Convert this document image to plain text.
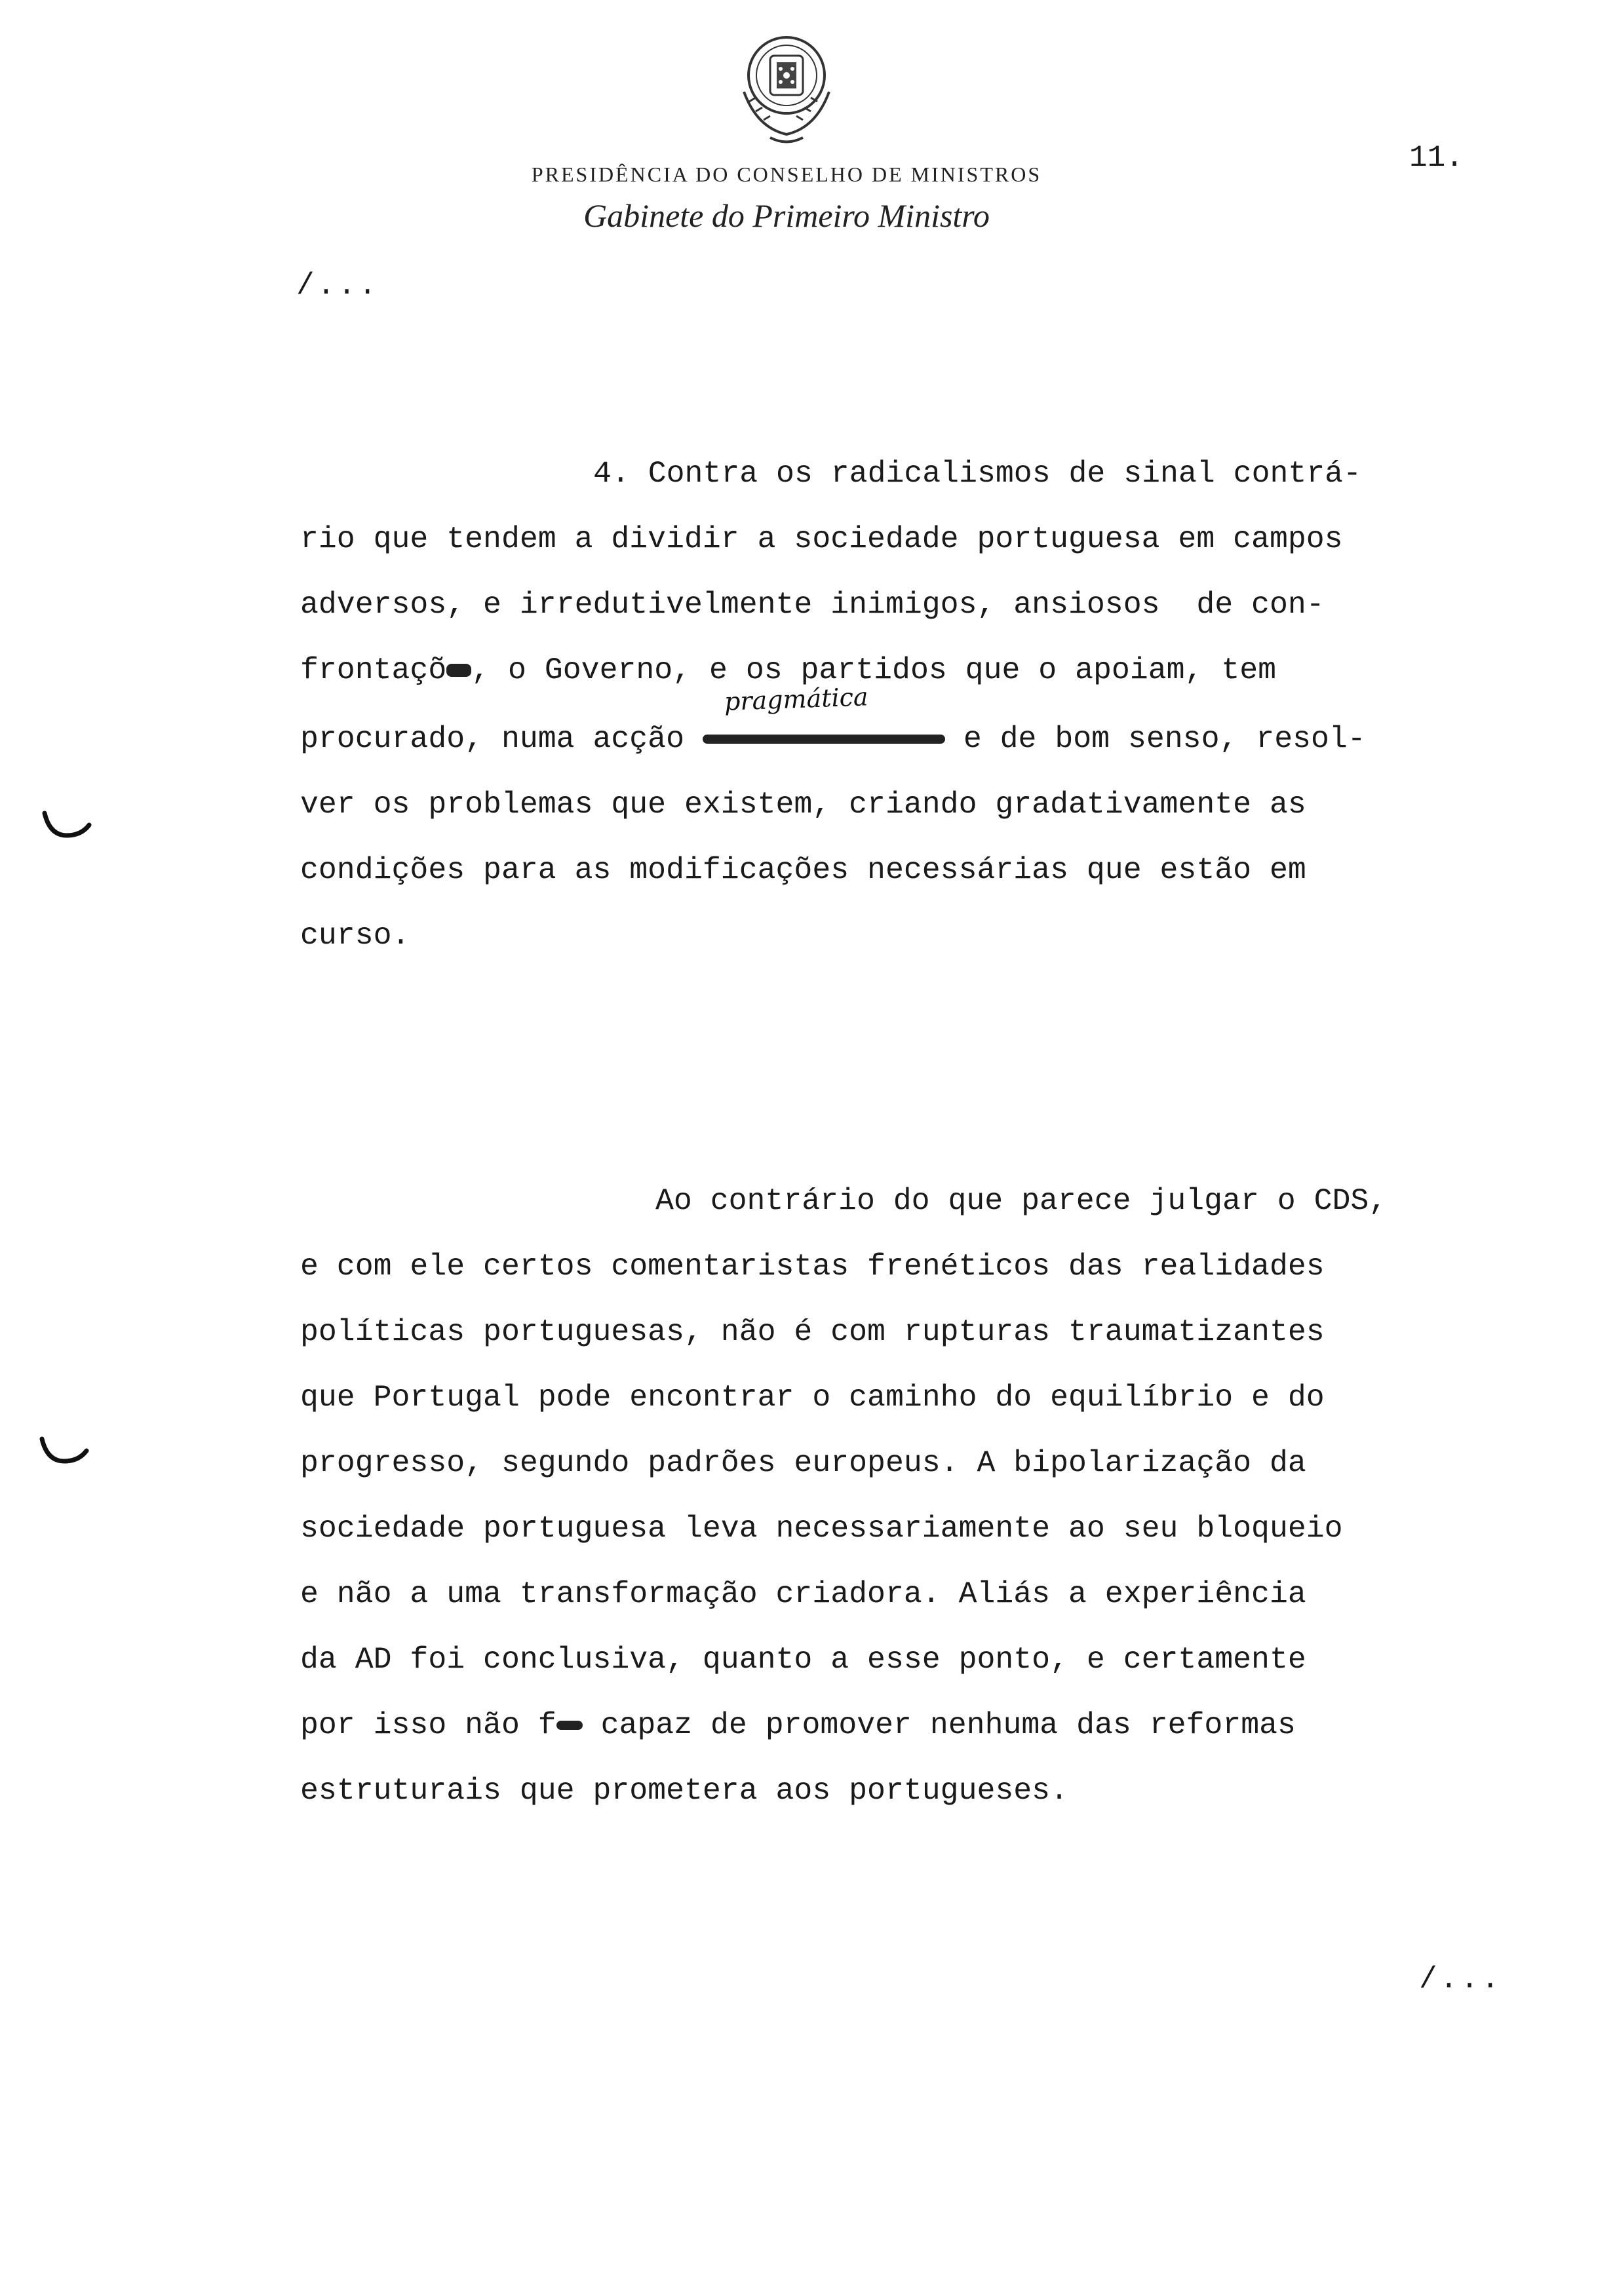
PRESIDÊNCIA DO CONSELHO DE MINISTROS
Gabinete do Primeiro Ministro
11.
/...
4. Contra os radicalismos de sinal contrá-
rio que tendem a dividir a sociedade portuguesa em campos
adversos, e irredutivelmente inimigos, ansiosos  de con-
frontaçõ , o Governo, e os partidos que o apoiam, tem
pragmática
procurado, numa acção	e de bom senso, resol-
ver os problemas que existem, criando gradativamente as
condições para as modificações necessárias que estão em
curso.
Ao contrário do que parece julgar o CDS,
e com ele certos comentaristas frenéticos das realidades
políticas portuguesas, não é com rupturas traumatizantes
que Portugal pode encontrar o caminho do equilíbrio e do
progresso, segundo padrões europeus. A bipolarização da
sociedade portuguesa leva necessariamente ao seu bloqueio
e não a uma transformação criadora. Aliás a experiência
da AD foi conclusiva, quanto a esse ponto, e certamente
por isso não f capaz de promover nenhuma das reformas
estruturais que prometera aos portugueses.
/...
